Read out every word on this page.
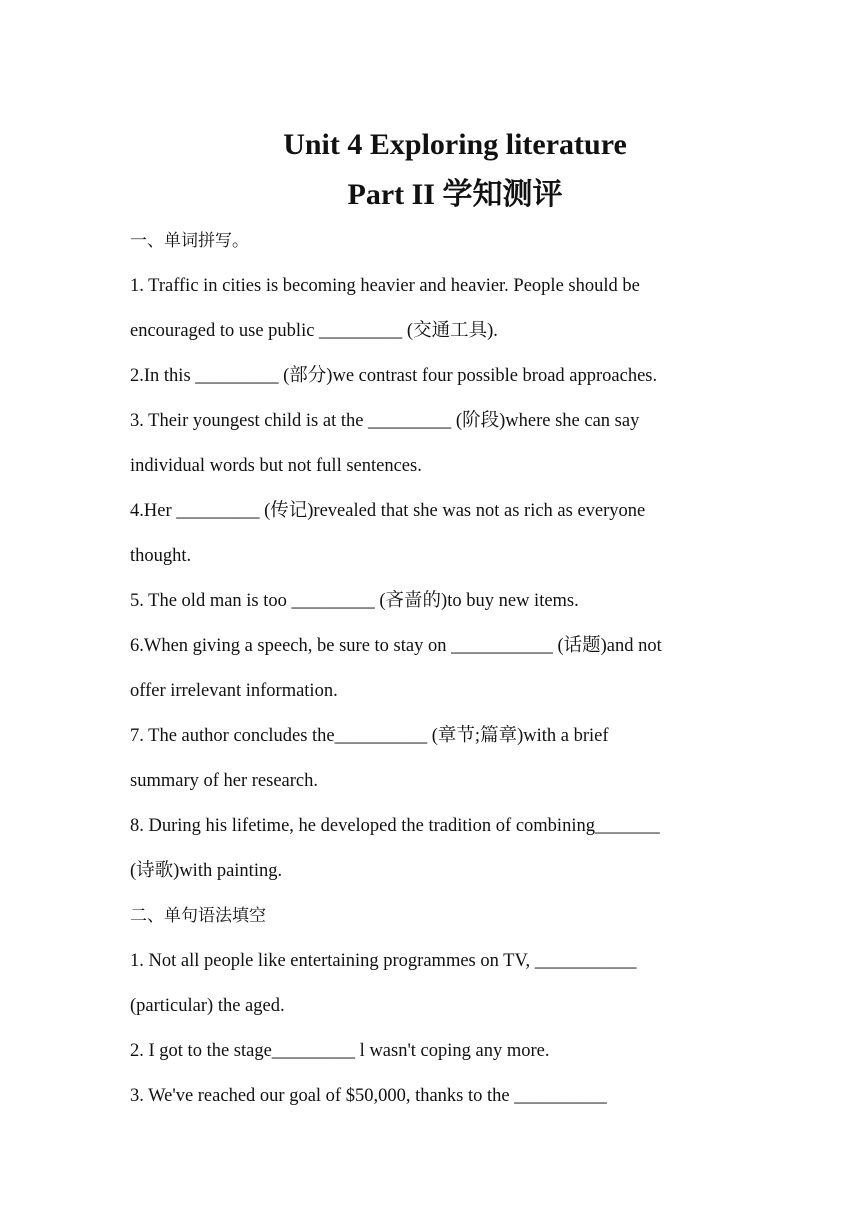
Unit 4 Exploring literature
Part II 学知测评
一、单词拼写。
1. Traffic in cities is becoming heavier and heavier. People should be
encouraged to use public _________ (交通工具).
2.In this _________ (部分)we contrast four possible broad approaches.
3. Their youngest child is at the _________ (阶段)where she can say
individual words but not full sentences.
4.Her _________ (传记)revealed that she was not as rich as everyone
thought.
5. The old man is too _________ (吝啬的)to buy new items.
6.When giving a speech, be sure to stay on ___________ (话题)and not
offer irrelevant information.
7. The author concludes the__________ (章节;篇章)with a brief
summary of her research.
8. During his lifetime, he developed the tradition of combining_______
(诗歌)with painting.
二、单句语法填空
1. Not all people like entertaining programmes on TV, ___________
(particular) the aged.
2. I got to the stage_________ l wasn't coping any more.
3. We've reached our goal of $50,000, thanks to the __________
